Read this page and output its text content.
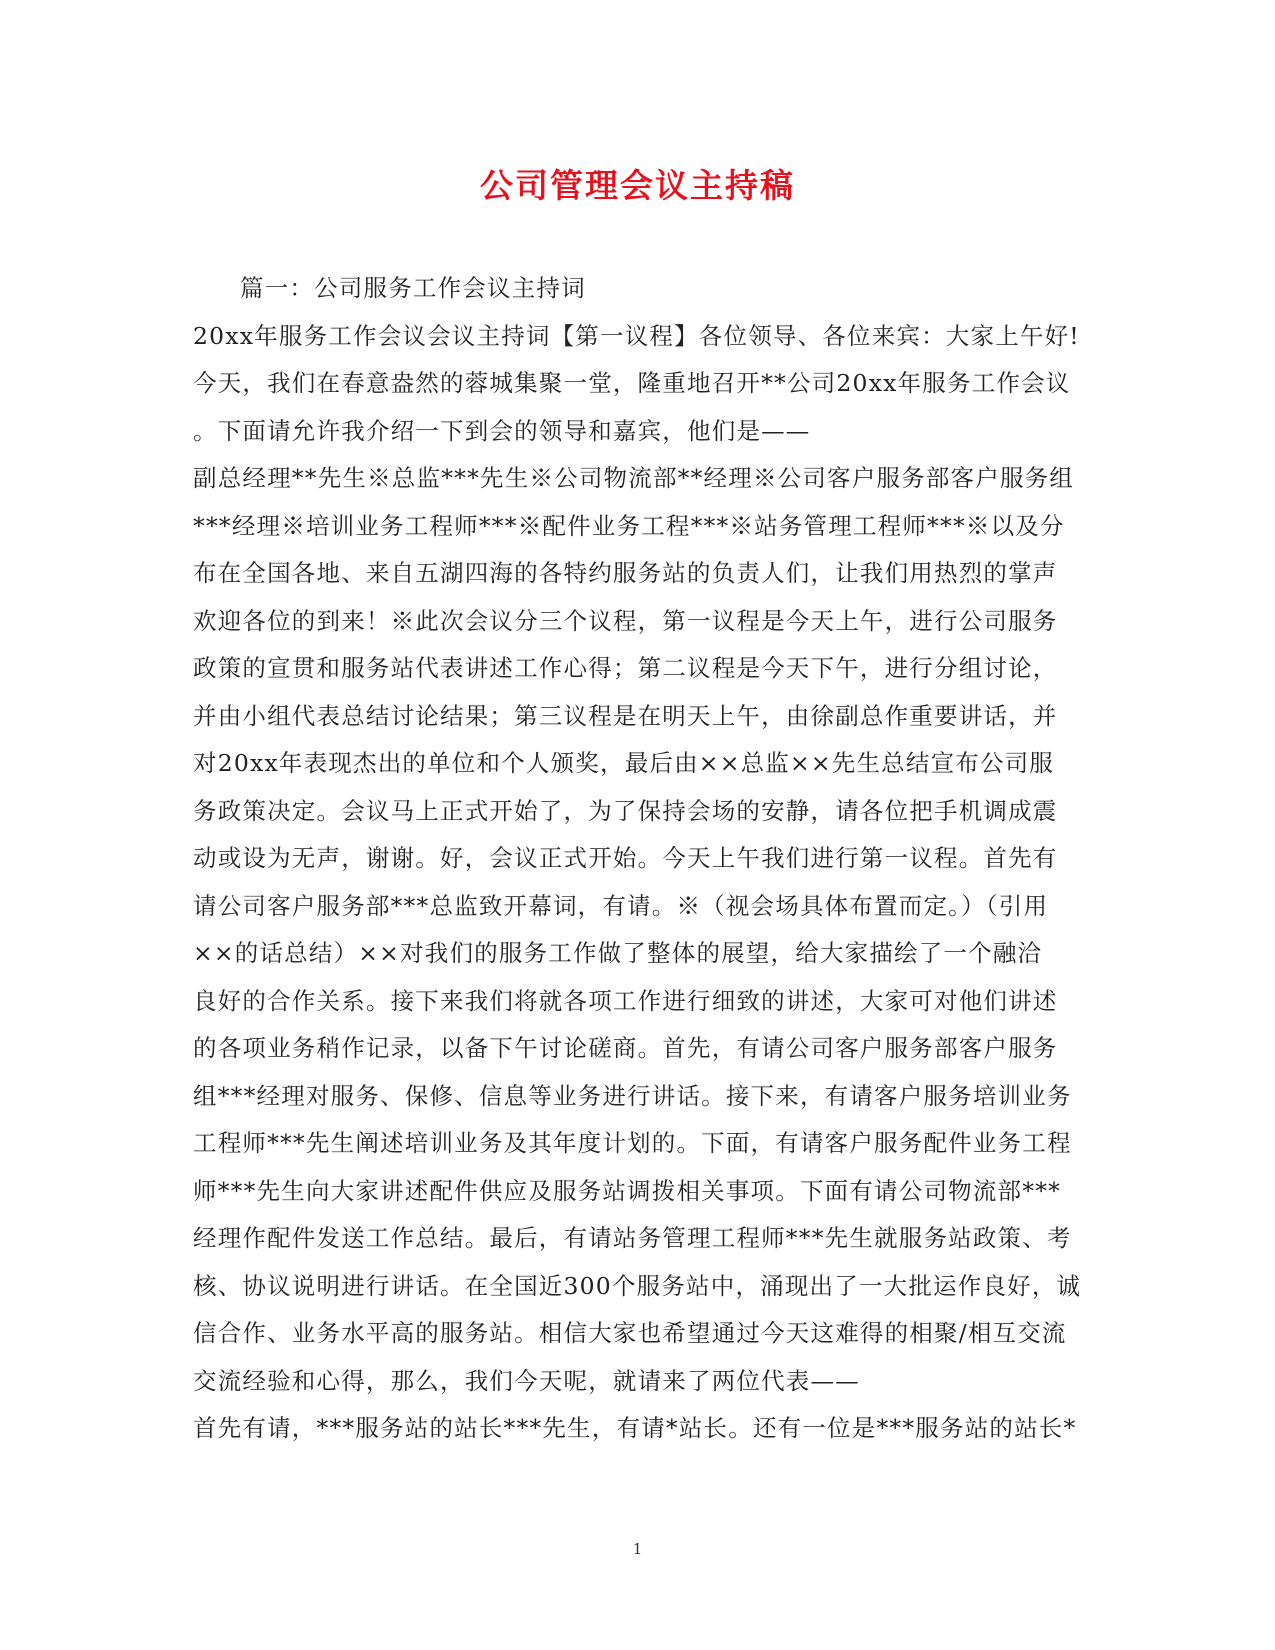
公司管理会议主持稿
篇一：公司服务工作会议主持词
20xx年服务工作会议会议主持词【第一议程】各位领导、各位来宾：大家上午好!
今天，我们在春意盎然的蓉城集聚一堂，隆重地召开**公司20xx年服务工作会议
。下面请允许我介绍一下到会的领导和嘉宾，他们是——
副总经理**先生※总监***先生※公司物流部**经理※公司客户服务部客户服务组
***经理※培训业务工程师***※配件业务工程***※站务管理工程师***※以及分
布在全国各地、来自五湖四海的各特约服务站的负责人们，让我们用热烈的掌声
欢迎各位的到来！※此次会议分三个议程，第一议程是今天上午，进行公司服务
政策的宣贯和服务站代表讲述工作心得；第二议程是今天下午，进行分组讨论，
并由小组代表总结讨论结果；第三议程是在明天上午，由徐副总作重要讲话，并
对20xx年表现杰出的单位和个人颁奖，最后由××总监××先生总结宣布公司服
务政策决定。会议马上正式开始了，为了保持会场的安静，请各位把手机调成震
动或设为无声，谢谢。好，会议正式开始。今天上午我们进行第一议程。首先有
请公司客户服务部***总监致开幕词，有请。※（视会场具体布置而定。）（引用
××的话总结）××对我们的服务工作做了整体的展望，给大家描绘了一个融洽
良好的合作关系。接下来我们将就各项工作进行细致的讲述，大家可对他们讲述
的各项业务稍作记录，以备下午讨论磋商。首先，有请公司客户服务部客户服务
组***经理对服务、保修、信息等业务进行讲话。接下来，有请客户服务培训业务
工程师***先生阐述培训业务及其年度计划的。下面，有请客户服务配件业务工程
师***先生向大家讲述配件供应及服务站调拨相关事项。下面有请公司物流部***
经理作配件发送工作总结。最后，有请站务管理工程师***先生就服务站政策、考
核、协议说明进行讲话。在全国近300个服务站中，涌现出了一大批运作良好，诚
信合作、业务水平高的服务站。相信大家也希望通过今天这难得的相聚/相互交流
交流经验和心得，那么，我们今天呢，就请来了两位代表——
首先有请，***服务站的站长***先生，有请*站长。还有一位是***服务站的站长*
1
